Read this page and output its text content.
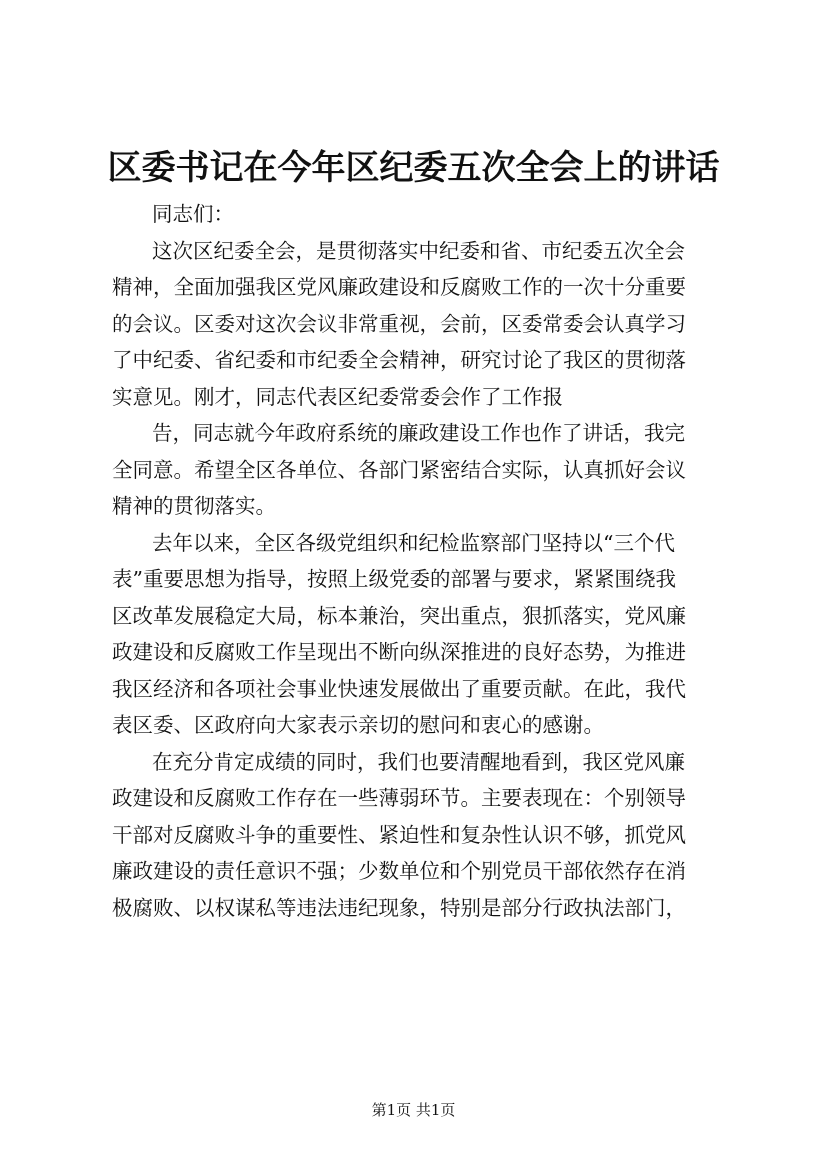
区委书记在今年区纪委五次全会上的讲话
同志们：
这次区纪委全会，是贯彻落实中纪委和省、市纪委五次全会
精神，全面加强我区党风廉政建设和反腐败工作的一次十分重要
的会议。区委对这次会议非常重视，会前，区委常委会认真学习
了中纪委、省纪委和市纪委全会精神，研究讨论了我区的贯彻落
实意见。刚才，同志代表区纪委常委会作了工作报
告，同志就今年政府系统的廉政建设工作也作了讲话，我完
全同意。希望全区各单位、各部门紧密结合实际，认真抓好会议
精神的贯彻落实。
去年以来，全区各级党组织和纪检监察部门坚持以“三个代
表”重要思想为指导，按照上级党委的部署与要求，紧紧围绕我
区改革发展稳定大局，标本兼治，突出重点，狠抓落实，党风廉
政建设和反腐败工作呈现出不断向纵深推进的良好态势，为推进
我区经济和各项社会事业快速发展做出了重要贡献。在此，我代
表区委、区政府向大家表示亲切的慰问和衷心的感谢。
在充分肯定成绩的同时，我们也要清醒地看到，我区党风廉
政建设和反腐败工作存在一些薄弱环节。主要表现在：个别领导
干部对反腐败斗争的重要性、紧迫性和复杂性认识不够，抓党风
廉政建设的责任意识不强；少数单位和个别党员干部依然存在消
极腐败、以权谋私等违法违纪现象，特别是部分行政执法部门，
第1页 共1页
